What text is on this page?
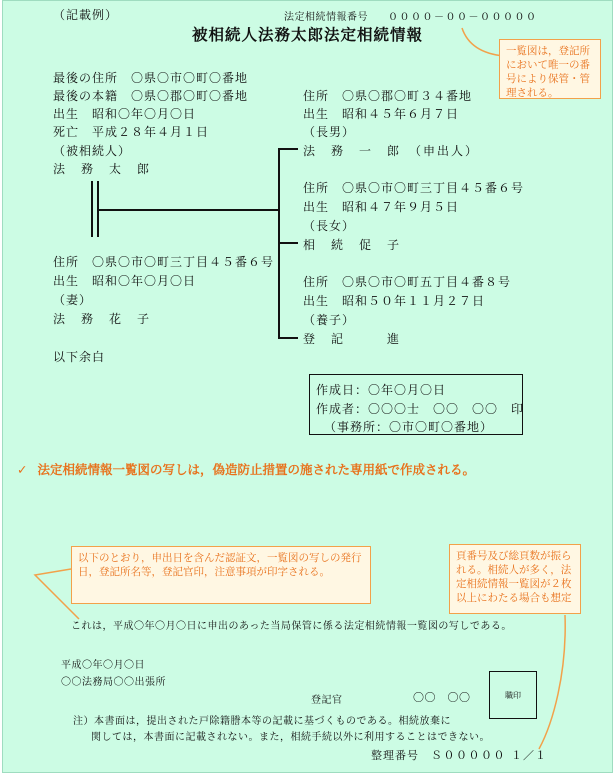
（記載例）	法定相続情報番号 ００００－００－０００００
被相続人法務太郎法定相続情報
一覧図は，登記所において唯一の番号により保管・管理される。
最後の住所　〇県〇市〇町〇番地
最後の本籍　〇県〇郡〇町〇番地
出生　昭和〇年〇月〇日
死亡　平成２８年４月１日
（被相続人）
法　務　太　郎
住所　〇県〇市〇町三丁目４５番６号
出生　昭和〇年〇月〇日
（妻）
法　務　花　子
以下余白
住所　〇県〇郡〇町３４番地
出生　昭和４５年６月７日
（長男）
法　務　一　郎　（申出人）
住所　〇県〇市〇町三丁目４５番６号
出生　昭和４７年９月５日
（長女）
相　続　促　子
住所　〇県〇市〇町五丁目４番８号
出生　昭和５０年１１月２７日
（養子）
登　記　　　進
作成日：〇年〇月〇日
作成者：〇〇〇士　〇〇　〇〇　印
（事務所：〇市〇町〇番地）
✓ 法定相続情報一覧図の写しは，偽造防止措置の施された専用紙で作成される。
以下のとおり，申出日を含んだ認証文，一覧図の写しの発行日，登記所名等，登記官印，注意事項が印字される。
頁番号及び総頁数が振られる。相続人が多く，法定相続情報一覧図が２枚以上にわたる場合も想定
これは，平成〇年〇月〇日に申出のあった当局保管に係る法定相続情報一覧図の写しである。
平成〇年〇月〇日
〇〇法務局〇〇出張所
登記官	〇〇　〇〇	職印
注）本書面は，提出された戸除籍謄本等の記載に基づくものである。相続放棄に
関しては，本書面に記載されない。また，相続手続以外に利用することはできない。
整理番号 Ｓ０００００ １／１
